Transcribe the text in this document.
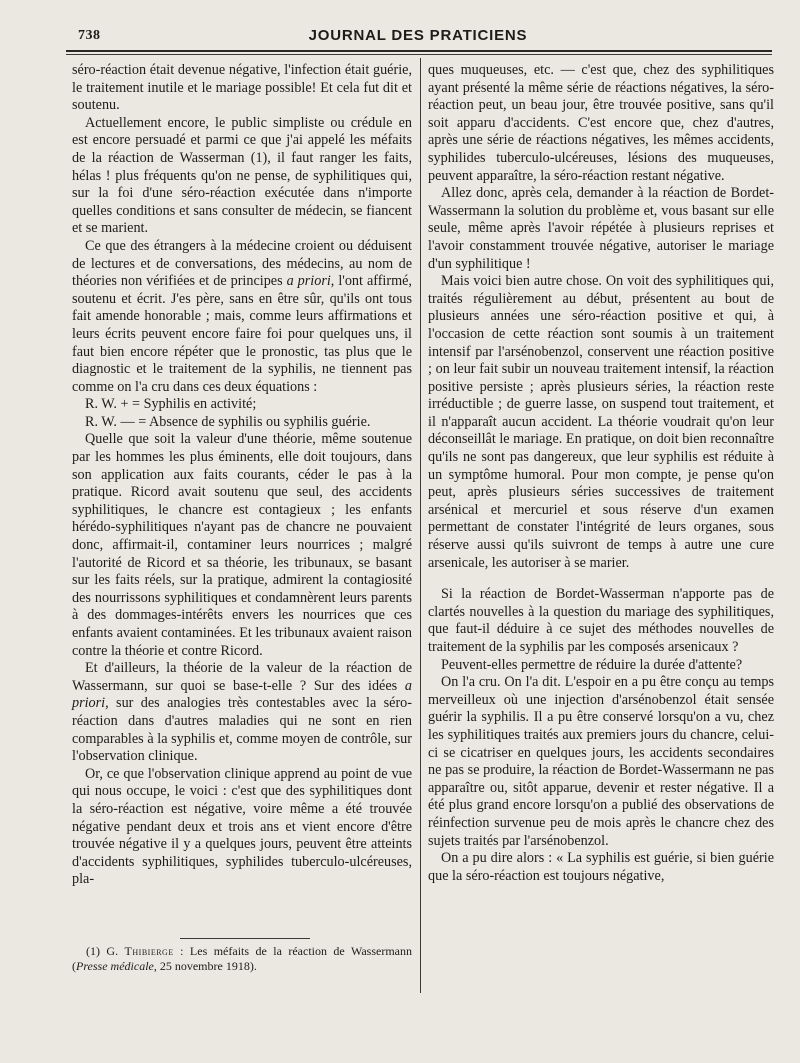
738	JOURNAL DES PRATICIENS

séro-réaction était devenue négative, l'infection était guérie, le traitement inutile et le mariage possible! Et cela fut dit et soutenu.

Actuellement encore, le public simpliste ou crédule en est encore persuadé et parmi ce que j'ai appelé les méfaits de la réaction de Wasserman (1), il faut ranger les faits, hélas ! plus fréquents qu'on ne pense, de syphilitiques qui, sur la foi d'une séro-réaction exécutée dans n'importe quelles conditions et sans consulter de médecin, se fiancent et se marient.

Ce que des étrangers à la médecine croient ou déduisent de lectures et de conversations, des médecins, au nom de théories non vérifiées et de principes a priori, l'ont affirmé, soutenu et écrit. J'es père, sans en être sûr, qu'ils ont tous fait amende honorable ; mais, comme leurs affirmations et leurs écrits peuvent encore faire foi pour quelques uns, il faut bien encore répéter que le pronostic, tas plus que le diagnostic et le traitement de la syphilis, ne tiennent pas comme on l'a cru dans ces deux équations :

R. W. + = Syphilis en activité;

R. W. — = Absence de syphilis ou syphilis guérie.

Quelle que soit la valeur d'une théorie, même soutenue par les hommes les plus éminents, elle doit toujours, dans son application aux faits courants, céder le pas à la pratique. Ricord avait soutenu que seul, des accidents syphilitiques, le chancre est contagieux ; les enfants hérédo-syphilitiques n'ayant pas de chancre ne pouvaient donc, affirmait-il, contaminer leurs nourrices ; malgré l'autorité de Ricord et sa théorie, les tribunaux, se basant sur les faits réels, sur la pratique, admirent la contagiosité des nourrissons syphilitiques et condamnèrent leurs parents à des dommages-intérêts envers les nourrices que ces enfants avaient contaminées. Et les tribunaux avaient raison contre la théorie et contre Ricord.

Et d'ailleurs, la théorie de la valeur de la réaction de Wassermann, sur quoi se base-t-elle ? Sur des idées a priori, sur des analogies très contestables avec la séro-réaction dans d'autres maladies qui ne sont en rien comparables à la syphilis et, comme moyen de contrôle, sur l'observation clinique.

Or, ce que l'observation clinique apprend au point de vue qui nous occupe, le voici : c'est que des syphilitiques dont la séro-réaction est négative, voire même a été trouvée négative pendant deux et trois ans et vient encore d'être trouvée négative il y a quelques jours, peuvent être atteints d'accidents syphilitiques, syphilides tuberculo-ulcéreuses, pla-

ques muqueuses, etc. — c'est que, chez des syphilitiques ayant présenté la même série de réactions négatives, la séro-réaction peut, un beau jour, être trouvée positive, sans qu'il soit apparu d'accidents. C'est encore que, chez d'autres, après une série de réactions négatives, les mêmes accidents, syphilides tuberculo-ulcéreuses, lésions des muqueuses, peuvent apparaître, la séro-réaction restant négative.

Allez donc, après cela, demander à la réaction de Bordet-Wassermann la solution du problème et, vous basant sur elle seule, même après l'avoir répétée à plusieurs reprises et l'avoir constamment trouvée négative, autoriser le mariage d'un syphilitique !

Mais voici bien autre chose. On voit des syphilitiques qui, traités régulièrement au début, présentent au bout de plusieurs années une séro-réaction positive et qui, à l'occasion de cette réaction sont soumis à un traitement intensif par l'arsénobenzol, conservent une réaction positive ; on leur fait subir un nouveau traitement intensif, la réaction positive persiste ; après plusieurs séries, la réaction reste irréductible ; de guerre lasse, on suspend tout traitement, et il n'apparaît aucun accident. La théorie voudrait qu'on leur déconseillât le mariage. En pratique, on doit bien reconnaître qu'ils ne sont pas dangereux, que leur syphilis est réduite à un symptôme humoral. Pour mon compte, je pense qu'on peut, après plusieurs séries successives de traitement arsénical et mercuriel et sous réserve d'un examen permettant de constater l'intégrité de leurs organes, sous réserve aussi qu'ils suivront de temps à autre une cure arsenicale, les autoriser à se marier.

Si la réaction de Bordet-Wasserman n'apporte pas de clartés nouvelles à la question du mariage des syphilitiques, que faut-il déduire à ce sujet des méthodes nouvelles de traitement de la syphilis par les composés arsenicaux ?

Peuvent-elles permettre de réduire la durée d'attente?

On l'a cru. On l'a dit. L'espoir en a pu être conçu au temps merveilleux où une injection d'arsénobenzol était sensée guérir la syphilis. Il a pu être conservé lorsqu'on a vu, chez les syphilitiques traités aux premiers jours du chancre, celui-ci se cicatriser en quelques jours, les accidents secondaires ne pas se produire, la réaction de Bordet-Wassermann ne pas apparaître ou, sitôt apparue, devenir et rester négative. Il a été plus grand encore lorsqu'on a publié des observations de réinfection survenue peu de mois après le chancre chez des sujets traités par l'arsénobenzol.

On a pu dire alors : « La syphilis est guérie, si bien guérie que la séro-réaction est toujours négative,

(1) G. Thibierge : Les méfaits de la réaction de Wassermann (Presse médicale, 25 novembre 1918).
